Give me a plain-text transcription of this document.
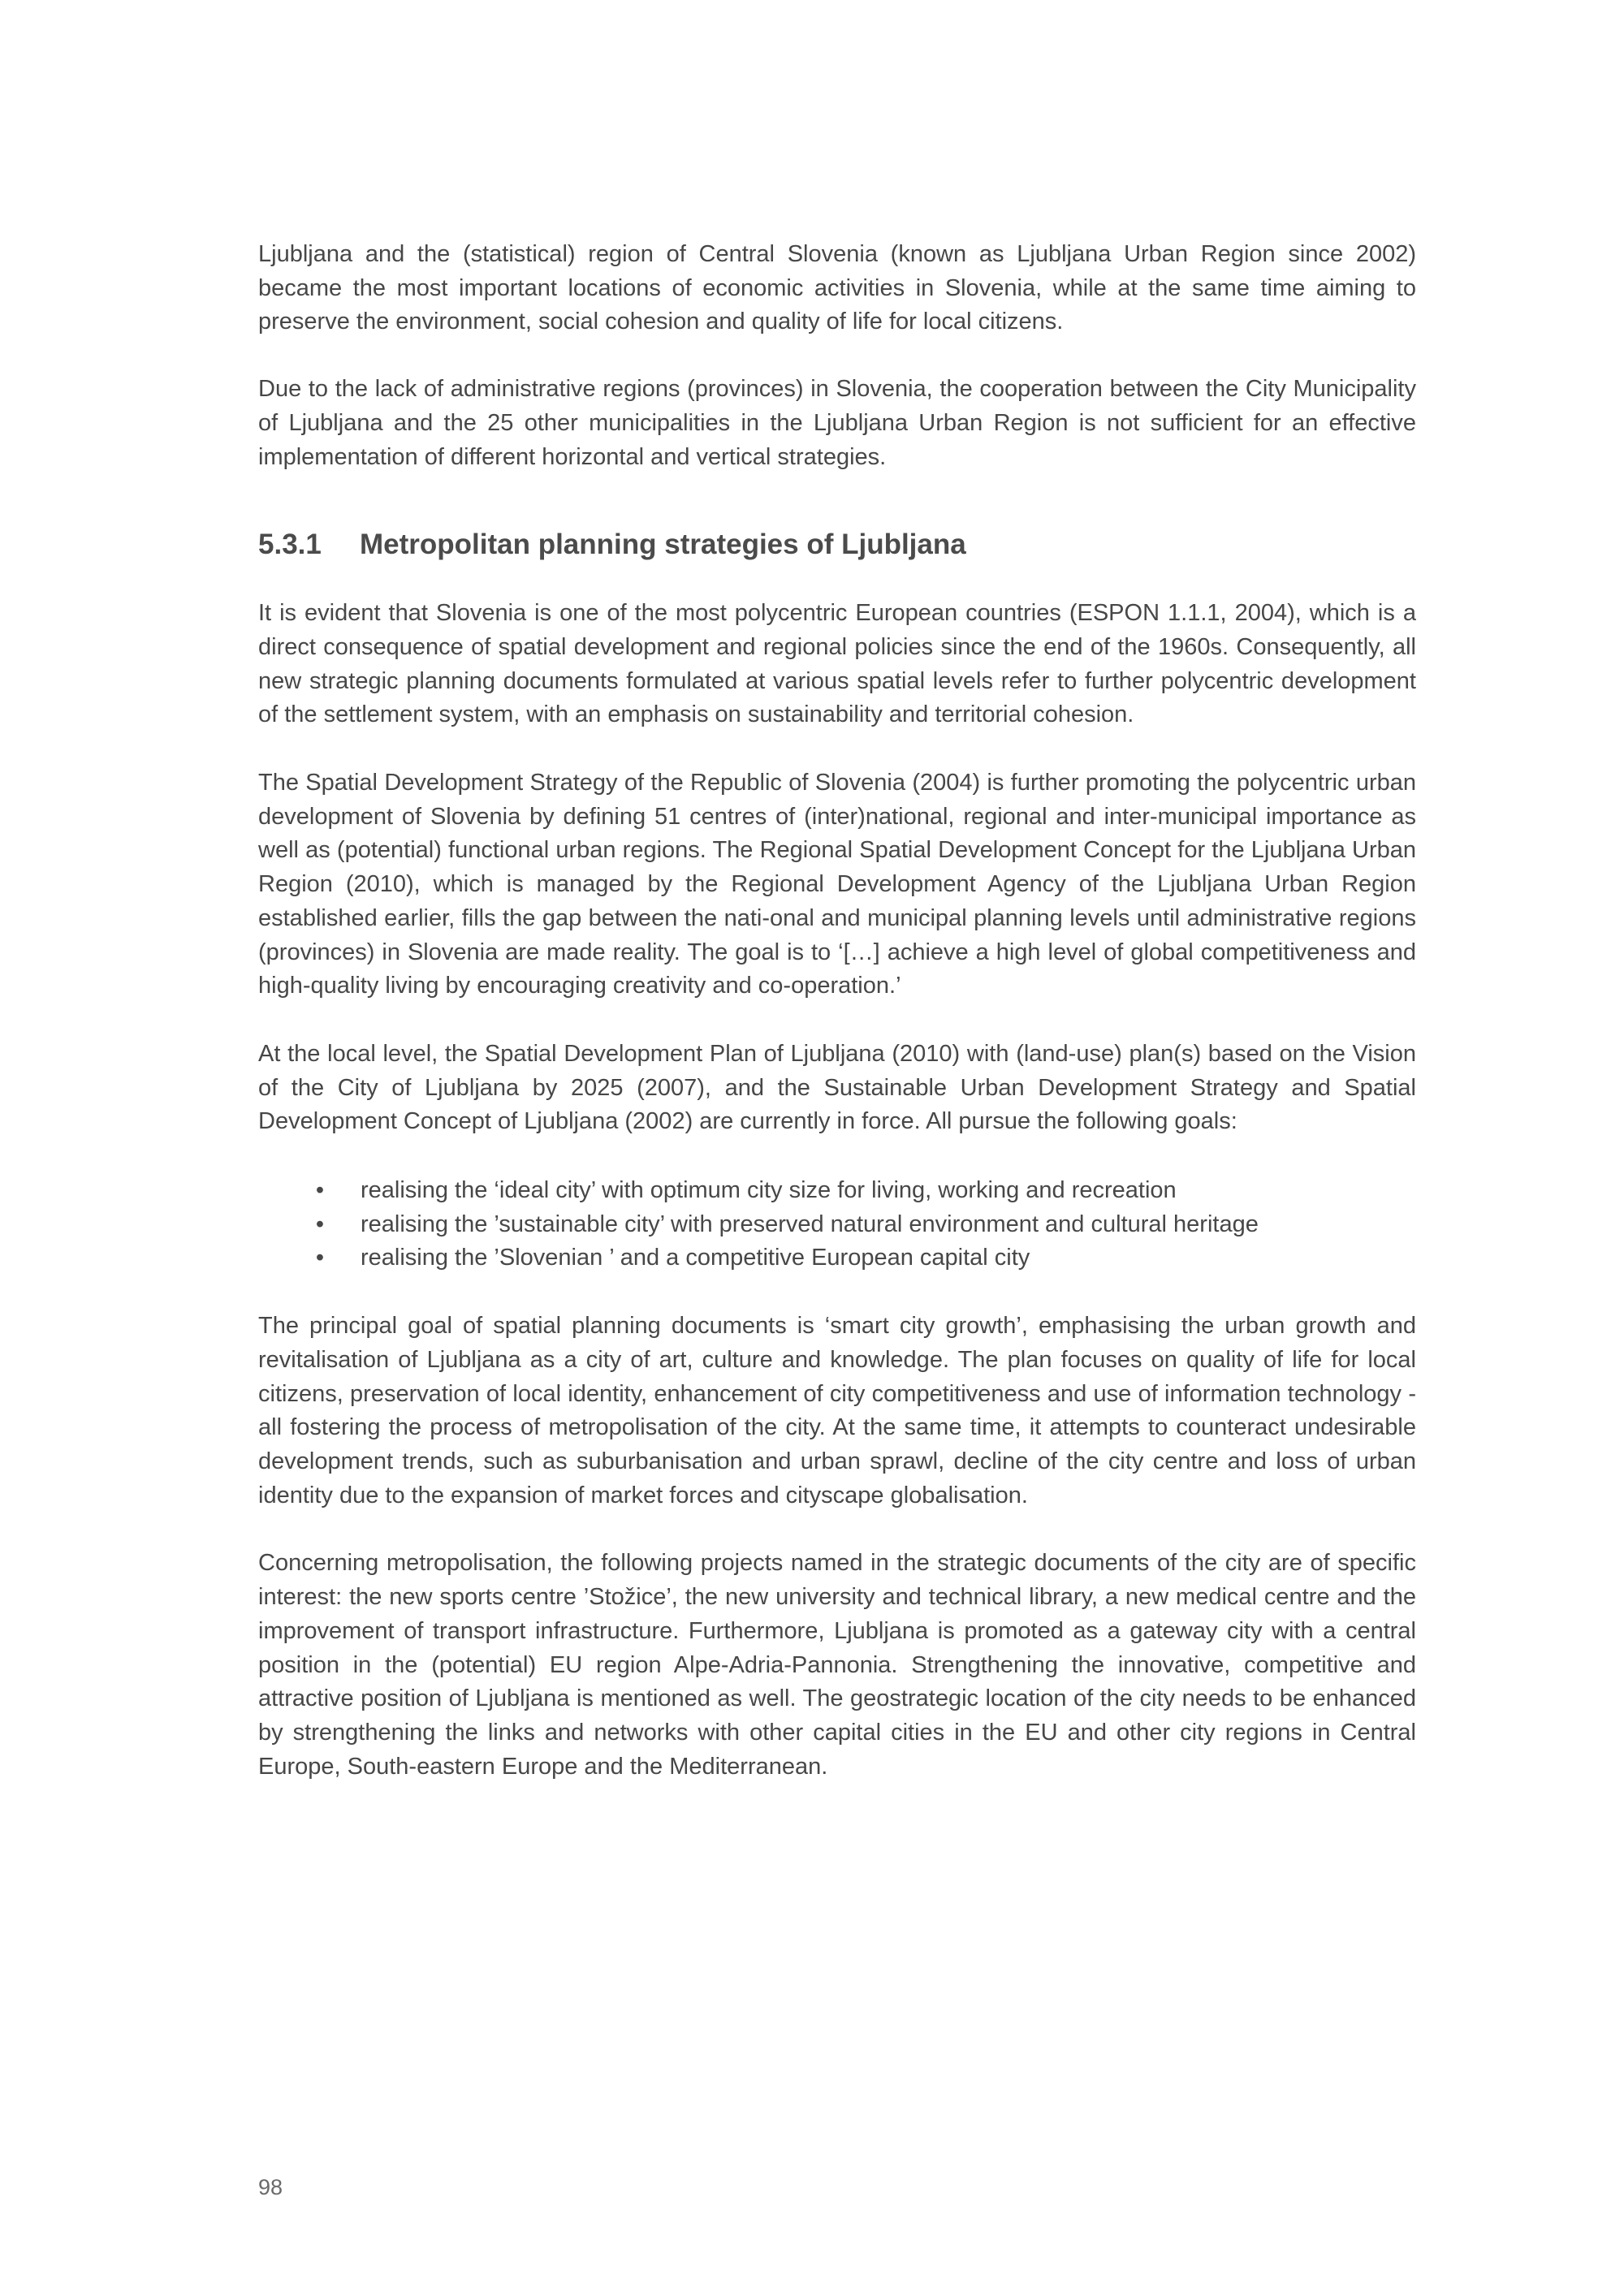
Ljubljana and the (statistical) region of Central Slovenia (known as Ljubljana Urban Region since 2002) became the most important locations of economic activities in Slovenia, while at the same time aiming to preserve the environment, social cohesion and quality of life for local citizens.

Due to the lack of administrative regions (provinces) in Slovenia, the cooperation between the City Municipality of Ljubljana and the 25 other municipalities in the Ljubljana Urban Region is not sufficient for an effective implementation of different horizontal and vertical strategies.

5.3.1	Metropolitan planning strategies of Ljubljana

It is evident that Slovenia is one of the most polycentric European countries (ESPON 1.1.1, 2004), which is a direct consequence of spatial development and regional policies since the end of the 1960s. Consequently, all new strategic planning documents formulated at various spatial levels refer to further polycentric development of the settlement system, with an emphasis on sustainability and territorial cohesion.

The Spatial Development Strategy of the Republic of Slovenia (2004) is further promoting the polycentric urban development of Slovenia by defining 51 centres of (inter)national, regional and inter-municipal importance as well as (potential) functional urban regions. The Regional Spatial Development Concept for the Ljubljana Urban Region (2010), which is managed by the Regional Development Agency of the Ljubljana Urban Region established earlier, fills the gap between the nati-onal and municipal planning levels until administrative regions (provinces) in Slovenia are made reality. The goal is to ‘[…] achieve a high level of global competitiveness and high-quality living by encouraging creativity and co-operation.’

At the local level, the Spatial Development Plan of Ljubljana (2010) with (land-use) plan(s) based on the Vision of the City of Ljubljana by 2025 (2007), and the Sustainable Urban Development Strategy and Spatial Development Concept of Ljubljana (2002) are currently in force. All pursue the following goals:

• realising the ‘ideal city’ with optimum city size for living, working and recreation
• realising the ’sustainable city’ with preserved natural environment and cultural heritage
• realising the ’Slovenian ’ and a competitive European capital city

The principal goal of spatial planning documents is ‘smart city growth’, emphasising the urban growth and revitalisation of Ljubljana as a city of art, culture and knowledge. The plan focuses on quality of life for local citizens, preservation of local identity, enhancement of city competitiveness and use of information technology - all fostering the process of metropolisation of the city. At the same time, it attempts to counteract undesirable development trends, such as suburbanisation and urban sprawl, decline of the city centre and loss of urban identity due to the expansion of market forces and cityscape globalisation.

Concerning metropolisation, the following projects named in the strategic documents of the city are of specific interest: the new sports centre ’Stožice’, the new university and technical library, a new medical centre and the improvement of transport infrastructure. Furthermore, Ljubljana is promoted as a gateway city with a central position in the (potential) EU region Alpe-Adria-Pannonia. Strengthening the innovative, competitive and attractive position of Ljubljana is mentioned as well. The geostrategic location of the city needs to be enhanced by strengthening the links and networks with other capital cities in the EU and other city regions in Central Europe, South-eastern Europe and the Mediterranean.

98
